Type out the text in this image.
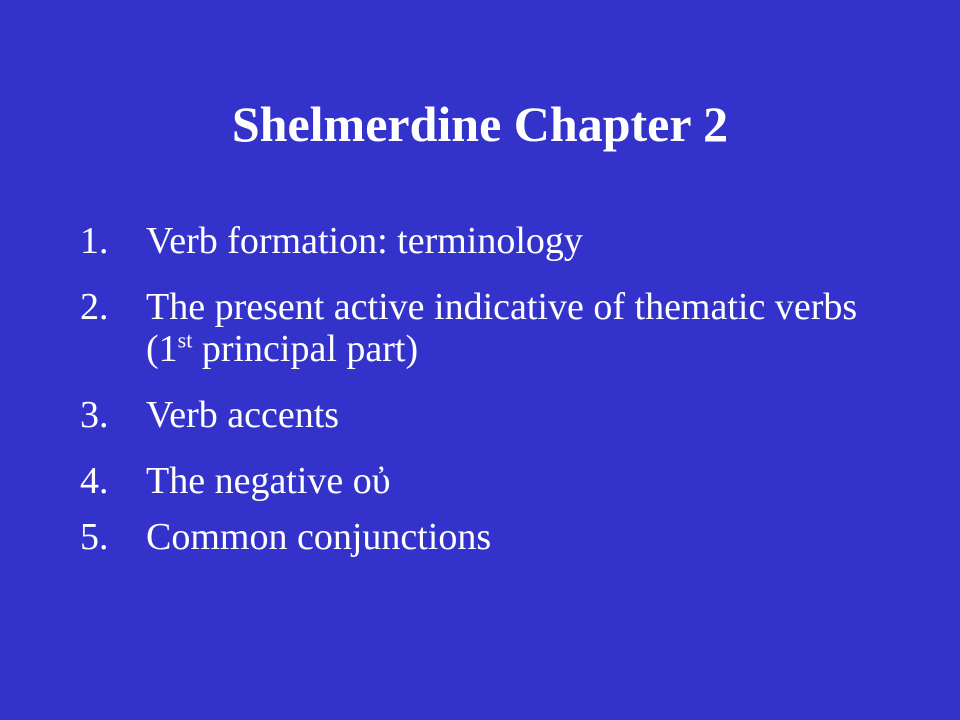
Shelmerdine Chapter 2
1. Verb formation: terminology
2. The present active indicative of thematic verbs (1st principal part)
3. Verb accents
4. The negative οὐ
5. Common conjunctions
